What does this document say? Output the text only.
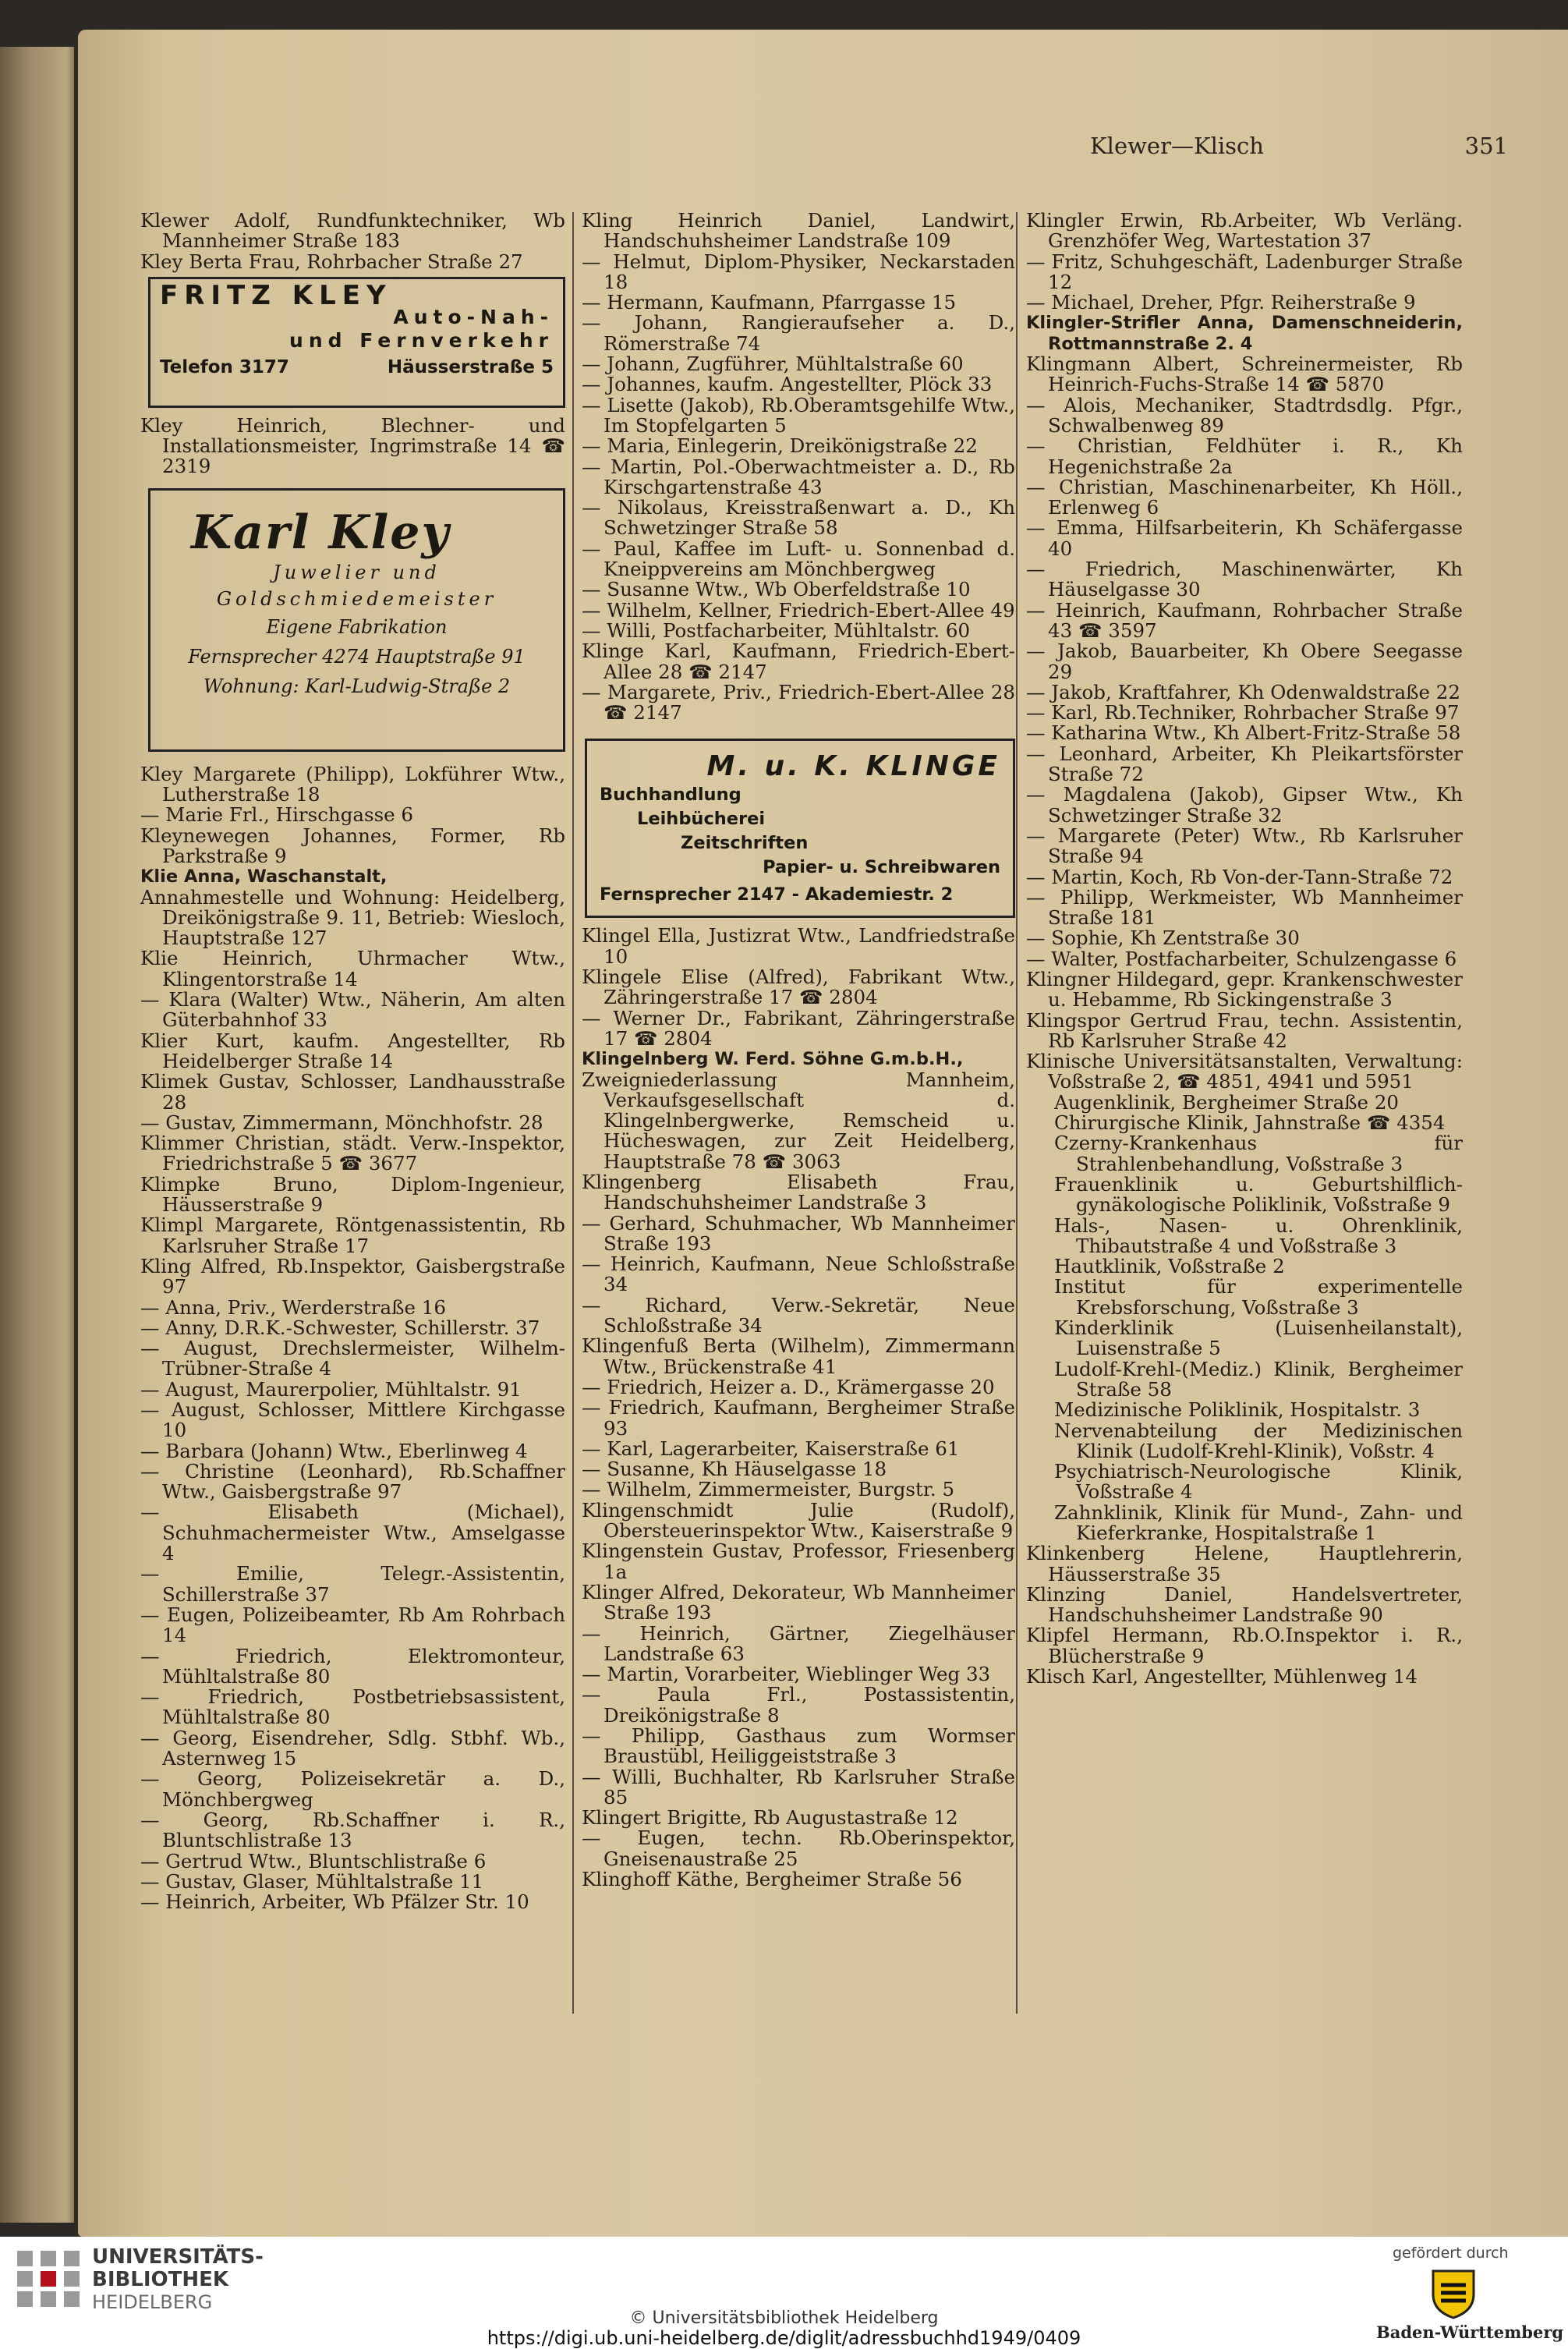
Klewer—Klisch	351
Klewer Adolf, Rundfunktechniker, Wb Mannheimer Straße 183
Kley Berta Frau, Rohrbacher Straße 27
FRITZ KLEY
Auto-Nah-
und Fernverkehr
Telefon 3177	Häusserstraße 5
Kley Heinrich, Blechner- und Installationsmeister, Ingrimstraße 14 ☎ 2319
Karl Kley
Juwelier und
Goldschmiedemeister
Eigene Fabrikation
Fernsprecher 4274 Hauptstraße 91
Wohnung: Karl-Ludwig-Straße 2
Kley Margarete (Philipp), Lokführer Wtw., Lutherstraße 18
— Marie Frl., Hirschgasse 6
Kleynewegen Johannes, Former, Rb Parkstraße 9
Klie Anna, Waschanstalt,
Annahmestelle und Wohnung: Heidelberg, Dreikönigstraße 9. 11, Betrieb: Wiesloch, Hauptstraße 127
Klie Heinrich, Uhrmacher Wtw., Klingentorstraße 14
— Klara (Walter) Wtw., Näherin, Am alten Güterbahnhof 33
Klier Kurt, kaufm. Angestellter, Rb Heidelberger Straße 14
Klimek Gustav, Schlosser, Landhausstraße 28
— Gustav, Zimmermann, Mönchhofstr. 28
Klimmer Christian, städt. Verw.-Inspektor, Friedrichstraße 5 ☎ 3677
Klimpke Bruno, Diplom-Ingenieur, Häusserstraße 9
Klimpl Margarete, Röntgenassistentin, Rb Karlsruher Straße 17
Kling Alfred, Rb.Inspektor, Gaisbergstraße 97
— Anna, Priv., Werderstraße 16
— Anny, D.R.K.-Schwester, Schillerstr. 37
— August, Drechslermeister, Wilhelm-Trübner-Straße 4
— August, Maurerpolier, Mühltalstr. 91
— August, Schlosser, Mittlere Kirchgasse 10
— Barbara (Johann) Wtw., Eberlinweg 4
— Christine (Leonhard), Rb.Schaffner Wtw., Gaisbergstraße 97
— Elisabeth (Michael), Schuhmachermeister Wtw., Amselgasse 4
— Emilie, Telegr.-Assistentin, Schillerstraße 37
— Eugen, Polizeibeamter, Rb Am Rohrbach 14
— Friedrich, Elektromonteur, Mühltalstraße 80
— Friedrich, Postbetriebsassistent, Mühltalstraße 80
— Georg, Eisendreher, Sdlg. Stbhf. Wb., Asternweg 15
— Georg, Polizeisekretär a. D., Mönchbergweg
— Georg, Rb.Schaffner i. R., Bluntschlistraße 13
— Gertrud Wtw., Bluntschlistraße 6
— Gustav, Glaser, Mühltalstraße 11
— Heinrich, Arbeiter, Wb Pfälzer Str. 10
Kling Heinrich Daniel, Landwirt, Handschuhsheimer Landstraße 109
— Helmut, Diplom-Physiker, Neckarstaden 18
— Hermann, Kaufmann, Pfarrgasse 15
— Johann, Rangieraufseher a. D., Römerstraße 74
— Johann, Zugführer, Mühltalstraße 60
— Johannes, kaufm. Angestellter, Plöck 33
— Lisette (Jakob), Rb.Oberamtsgehilfe Wtw., Im Stopfelgarten 5
— Maria, Einlegerin, Dreikönigstraße 22
— Martin, Pol.-Oberwachtmeister a. D., Rb Kirschgartenstraße 43
— Nikolaus, Kreisstraßenwart a. D., Kh Schwetzinger Straße 58
— Paul, Kaffee im Luft- u. Sonnenbad d. Kneippvereins am Mönchbergweg
— Susanne Wtw., Wb Oberfeldstraße 10
— Wilhelm, Kellner, Friedrich-Ebert-Allee 49
— Willi, Postfacharbeiter, Mühltalstr. 60
Klinge Karl, Kaufmann, Friedrich-Ebert-Allee 28 ☎ 2147
— Margarete, Priv., Friedrich-Ebert-Allee 28 ☎ 2147
M. u. K. KLINGE
Buchhandlung
Leihbücherei
Zeitschriften
Papier- u. Schreibwaren
Fernsprecher 2147 - Akademiestr. 2
Klingel Ella, Justizrat Wtw., Landfriedstraße 10
Klingele Elise (Alfred), Fabrikant Wtw., Zähringerstraße 17 ☎ 2804
— Werner Dr., Fabrikant, Zähringerstraße 17 ☎ 2804
Klingelnberg W. Ferd. Söhne G.m.b.H.,
Zweigniederlassung Mannheim, Verkaufsgesellschaft d. Klingelnbergwerke, Remscheid u. Hücheswagen, zur Zeit Heidelberg, Hauptstraße 78 ☎ 3063
Klingenberg Elisabeth Frau, Handschuhsheimer Landstraße 3
— Gerhard, Schuhmacher, Wb Mannheimer Straße 193
— Heinrich, Kaufmann, Neue Schloßstraße 34
— Richard, Verw.-Sekretär, Neue Schloßstraße 34
Klingenfuß Berta (Wilhelm), Zimmermann Wtw., Brückenstraße 41
— Friedrich, Heizer a. D., Krämergasse 20
— Friedrich, Kaufmann, Bergheimer Straße 93
— Karl, Lagerarbeiter, Kaiserstraße 61
— Susanne, Kh Häuselgasse 18
— Wilhelm, Zimmermeister, Burgstr. 5
Klingenschmidt Julie (Rudolf), Obersteuerinspektor Wtw., Kaiserstraße 9
Klingenstein Gustav, Professor, Friesenberg 1a
Klinger Alfred, Dekorateur, Wb Mannheimer Straße 193
— Heinrich, Gärtner, Ziegelhäuser Landstraße 63
— Martin, Vorarbeiter, Wieblinger Weg 33
— Paula Frl., Postassistentin, Dreikönigstraße 8
— Philipp, Gasthaus zum Wormser Braustübl, Heiliggeiststraße 3
— Willi, Buchhalter, Rb Karlsruher Straße 85
Klingert Brigitte, Rb Augustastraße 12
— Eugen, techn. Rb.Oberinspektor, Gneisenaustraße 25
Klinghoff Käthe, Bergheimer Straße 56
Klingler Erwin, Rb.Arbeiter, Wb Verläng. Grenzhöfer Weg, Wartestation 37
— Fritz, Schuhgeschäft, Ladenburger Straße 12
— Michael, Dreher, Pfgr. Reiherstraße 9
Klingler-Strifler Anna, Damenschneiderin, Rottmannstraße 2. 4
Klingmann Albert, Schreinermeister, Rb Heinrich-Fuchs-Straße 14 ☎ 5870
— Alois, Mechaniker, Stadtrdsdlg. Pfgr., Schwalbenweg 89
— Christian, Feldhüter i. R., Kh Hegenichstraße 2a
— Christian, Maschinenarbeiter, Kh Höll., Erlenweg 6
— Emma, Hilfsarbeiterin, Kh Schäfergasse 40
— Friedrich, Maschinenwärter, Kh Häuselgasse 30
— Heinrich, Kaufmann, Rohrbacher Straße 43 ☎ 3597
— Jakob, Bauarbeiter, Kh Obere Seegasse 29
— Jakob, Kraftfahrer, Kh Odenwaldstraße 22
— Karl, Rb.Techniker, Rohrbacher Straße 97
— Katharina Wtw., Kh Albert-Fritz-Straße 58
— Leonhard, Arbeiter, Kh Pleikartsförster Straße 72
— Magdalena (Jakob), Gipser Wtw., Kh Schwetzinger Straße 32
— Margarete (Peter) Wtw., Rb Karlsruher Straße 94
— Martin, Koch, Rb Von-der-Tann-Straße 72
— Philipp, Werkmeister, Wb Mannheimer Straße 181
— Sophie, Kh Zentstraße 30
— Walter, Postfacharbeiter, Schulzengasse 6
Klingner Hildegard, gepr. Krankenschwester u. Hebamme, Rb Sickingenstraße 3
Klingspor Gertrud Frau, techn. Assistentin, Rb Karlsruher Straße 42
Klinische Universitätsanstalten, Verwaltung: Voßstraße 2, ☎ 4851, 4941 und 5951
Augenklinik, Bergheimer Straße 20
Chirurgische Klinik, Jahnstraße ☎ 4354
Czerny-Krankenhaus für Strahlenbehandlung, Voßstraße 3
Frauenklinik u. Geburtshilflich-gynäkologische Poliklinik, Voßstraße 9
Hals-, Nasen- u. Ohrenklinik, Thibautstraße 4 und Voßstraße 3
Hautklinik, Voßstraße 2
Institut für experimentelle Krebsforschung, Voßstraße 3
Kinderklinik (Luisenheilanstalt), Luisenstraße 5
Ludolf-Krehl-(Mediz.) Klinik, Bergheimer Straße 58
Medizinische Poliklinik, Hospitalstr. 3
Nervenabteilung der Medizinischen Klinik (Ludolf-Krehl-Klinik), Voßstr. 4
Psychiatrisch-Neurologische Klinik, Voßstraße 4
Zahnklinik, Klinik für Mund-, Zahn- und Kieferkranke, Hospitalstraße 1
Klinkenberg Helene, Hauptlehrerin, Häusserstraße 35
Klinzing Daniel, Handelsvertreter, Handschuhsheimer Landstraße 90
Klipfel Hermann, Rb.O.Inspektor i. R., Blücherstraße 9
Klisch Karl, Angestellter, Mühlenweg 14
UNIVERSITÄTS-
BIBLIOTHEK
HEIDELBERG
© Universitätsbibliothek Heidelberg
https://digi.ub.uni-heidelberg.de/diglit/adressbuchhd1949/0409
gefördert durch
Baden-Württemberg
